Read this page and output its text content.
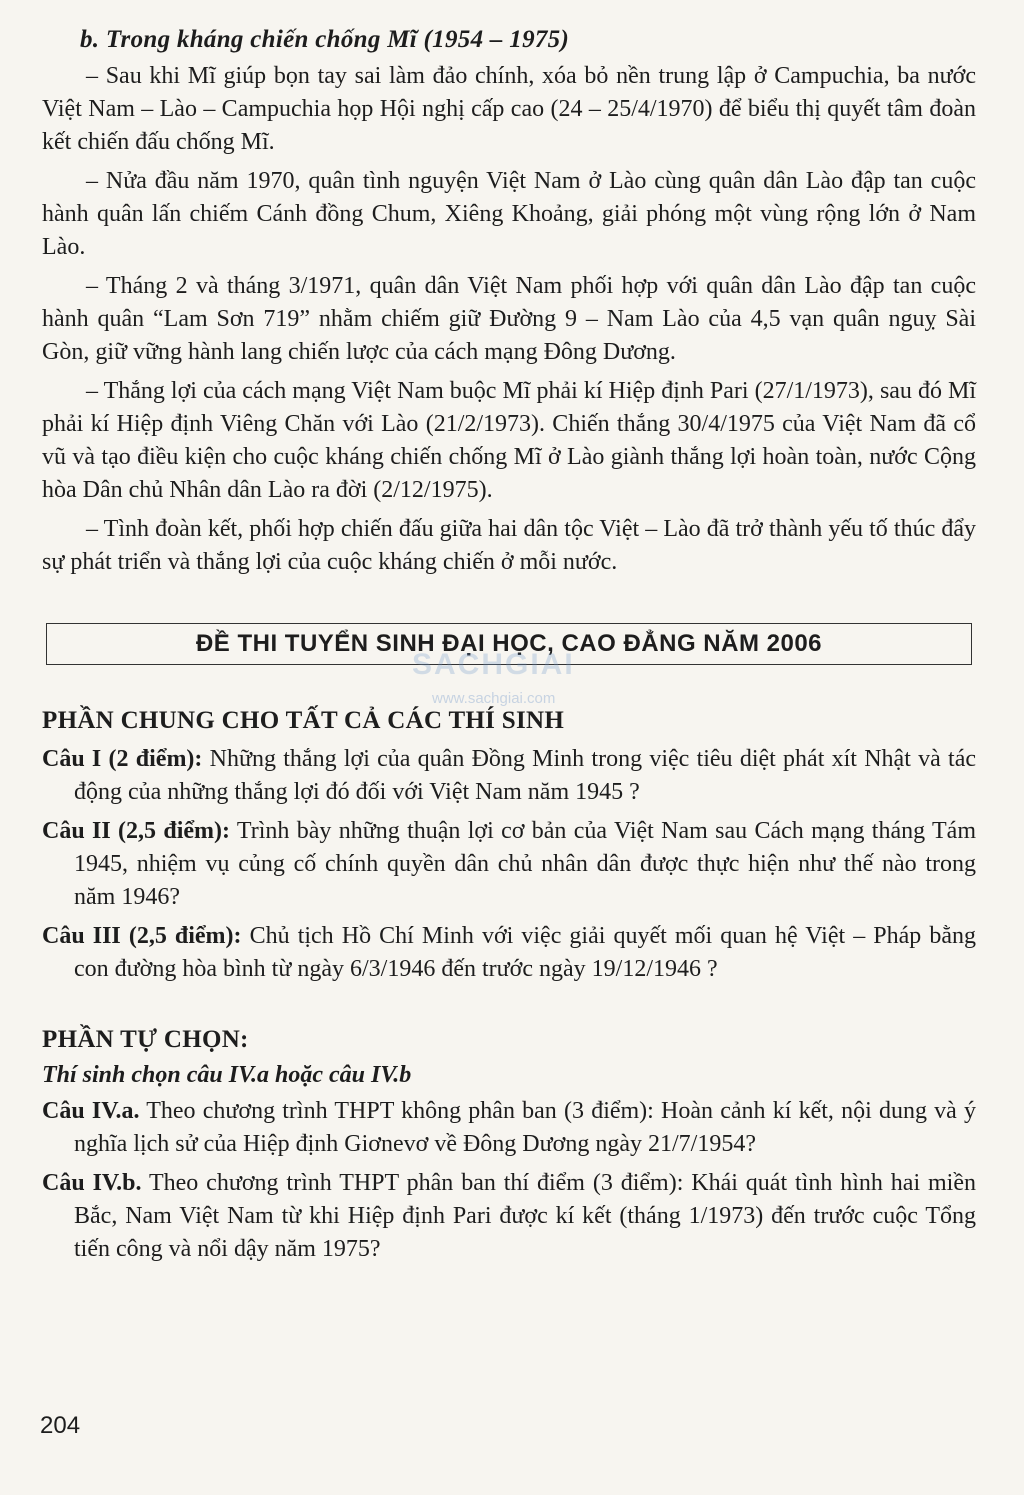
b. Trong kháng chiến chống Mĩ (1954 – 1975)

– Sau khi Mĩ giúp bọn tay sai làm đảo chính, xóa bỏ nền trung lập ở Campuchia, ba nước Việt Nam – Lào – Campuchia họp Hội nghị cấp cao (24 – 25/4/1970) để biểu thị quyết tâm đoàn kết chiến đấu chống Mĩ.

– Nửa đầu năm 1970, quân tình nguyện Việt Nam ở Lào cùng quân dân Lào đập tan cuộc hành quân lấn chiếm Cánh đồng Chum, Xiêng Khoảng, giải phóng một vùng rộng lớn ở Nam Lào.

– Tháng 2 và tháng 3/1971, quân dân Việt Nam phối hợp với quân dân Lào đập tan cuộc hành quân “Lam Sơn 719” nhằm chiếm giữ Đường 9 – Nam Lào của 4,5 vạn quân nguỵ Sài Gòn, giữ vững hành lang chiến lược của cách mạng Đông Dương.

– Thắng lợi của cách mạng Việt Nam buộc Mĩ phải kí Hiệp định Pari (27/1/1973), sau đó Mĩ phải kí Hiệp định Viêng Chăn với Lào (21/2/1973). Chiến thắng 30/4/1975 của Việt Nam đã cổ vũ và tạo điều kiện cho cuộc kháng chiến chống Mĩ ở Lào giành thắng lợi hoàn toàn, nước Cộng hòa Dân chủ Nhân dân Lào ra đời (2/12/1975).

– Tình đoàn kết, phối hợp chiến đấu giữa hai dân tộc Việt – Lào đã trở thành yếu tố thúc đẩy sự phát triển và thắng lợi của cuộc kháng chiến ở mỗi nước.

ĐỀ THI TUYỂN SINH ĐẠI HỌC, CAO ĐẲNG NĂM 2006
SACHGIAI
www.sachgiai.com
PHẦN CHUNG CHO TẤT CẢ CÁC THÍ SINH

Câu I (2 điểm): Những thắng lợi của quân Đồng Minh trong việc tiêu diệt phát xít Nhật và tác động của những thắng lợi đó đối với Việt Nam năm 1945 ?

Câu II (2,5 điểm): Trình bày những thuận lợi cơ bản của Việt Nam sau Cách mạng tháng Tám 1945, nhiệm vụ củng cố chính quyền dân chủ nhân dân được thực hiện như thế nào trong năm 1946?

Câu III (2,5 điểm): Chủ tịch Hồ Chí Minh với việc giải quyết mối quan hệ Việt – Pháp bằng con đường hòa bình từ ngày 6/3/1946 đến trước ngày 19/12/1946 ?

PHẦN TỰ CHỌN:
Thí sinh chọn câu IV.a hoặc câu IV.b

Câu IV.a. Theo chương trình THPT không phân ban (3 điểm): Hoàn cảnh kí kết, nội dung và ý nghĩa lịch sử của Hiệp định Giơnevơ về Đông Dương ngày 21/7/1954?

Câu IV.b. Theo chương trình THPT phân ban thí điểm (3 điểm): Khái quát tình hình hai miền Bắc, Nam Việt Nam từ khi Hiệp định Pari được kí kết (tháng 1/1973) đến trước cuộc Tổng tiến công và nổi dậy năm 1975?

204
